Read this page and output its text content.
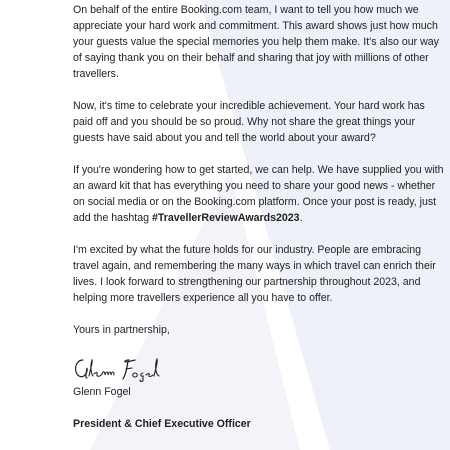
On behalf of the entire Booking.com team, I want to tell you how much we appreciate your hard work and commitment. This award shows just how much your guests value the special memories you help them make. It's also our way of saying thank you on their behalf and sharing that joy with millions of other travellers.

Now, it's time to celebrate your incredible achievement. Your hard work has paid off and you should be so proud. Why not share the great things your guests have said about you and tell the world about your award?

If you're wondering how to get started, we can help. We have supplied you with an award kit that has everything you need to share your good news - whether on social media or on the Booking.com platform. Once your post is ready, just add the hashtag #TravellerReviewAwards2023.

I'm excited by what the future holds for our industry. People are embracing travel again, and remembering the many ways in which travel can enrich their lives. I look forward to strengthening our partnership throughout 2023, and helping more travellers experience all you have to offer.

Yours in partnership,

Glenn Fogel

President & Chief Executive Officer
